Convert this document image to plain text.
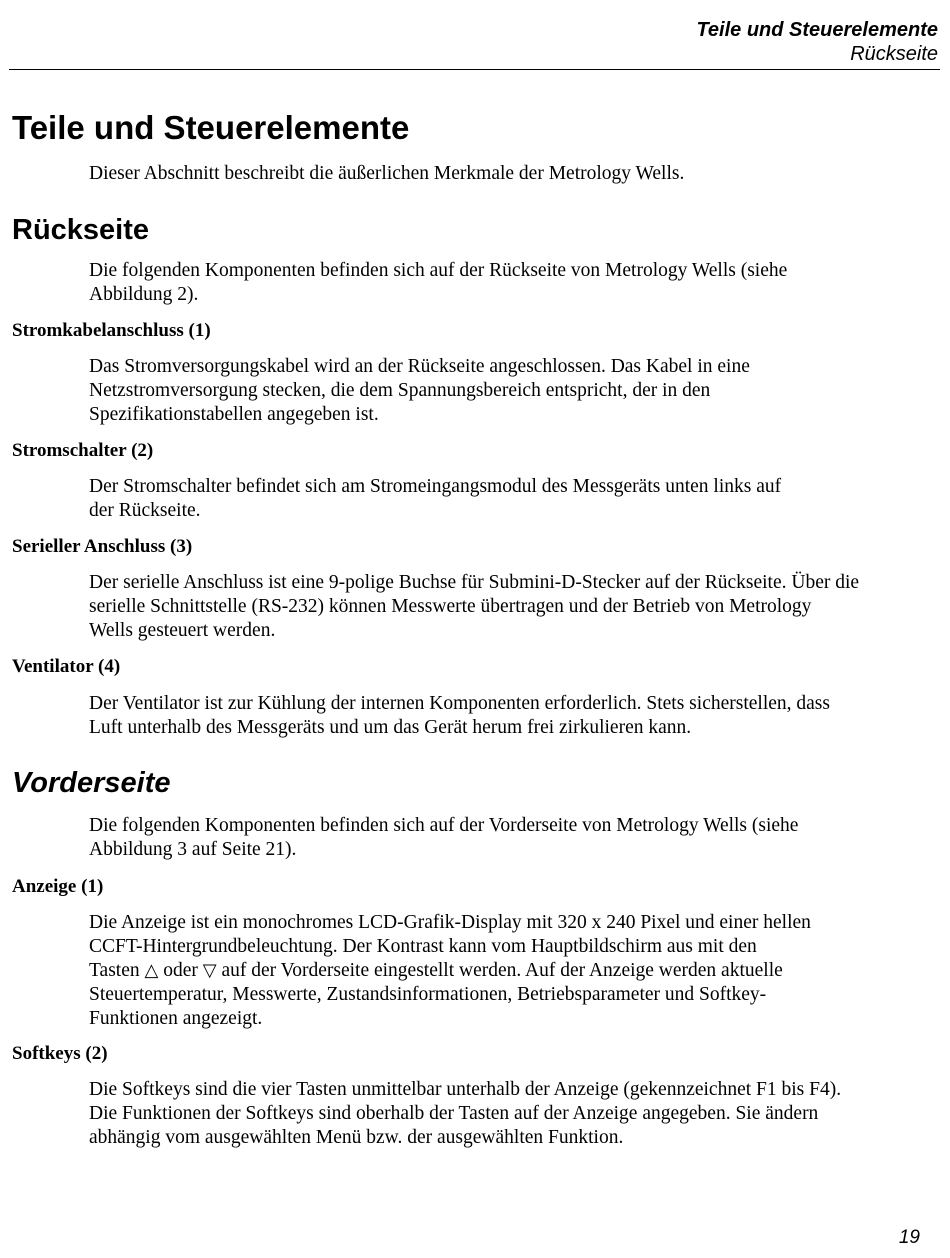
Teile und Steuerelemente
Rückseite
Teile und Steuerelemente

Dieser Abschnitt beschreibt die äußerlichen Merkmale der Metrology Wells.

Rückseite

Die folgenden Komponenten befinden sich auf der Rückseite von Metrology Wells (siehe
Abbildung 2).

Stromkabelanschluss (1)

Das Stromversorgungskabel wird an der Rückseite angeschlossen. Das Kabel in eine
Netzstromversorgung stecken, die dem Spannungsbereich entspricht, der in den
Spezifikationstabellen angegeben ist.

Stromschalter (2)

Der Stromschalter befindet sich am Stromeingangsmodul des Messgeräts unten links auf
der Rückseite.

Serieller Anschluss (3)

Der serielle Anschluss ist eine 9-polige Buchse für Submini-D-Stecker auf der Rückseite. Über die
serielle Schnittstelle (RS-232) können Messwerte übertragen und der Betrieb von Metrology
Wells gesteuert werden.

Ventilator (4)

Der Ventilator ist zur Kühlung der internen Komponenten erforderlich. Stets sicherstellen, dass
Luft unterhalb des Messgeräts und um das Gerät herum frei zirkulieren kann.

Vorderseite

Die folgenden Komponenten befinden sich auf der Vorderseite von Metrology Wells (siehe
Abbildung 3 auf Seite 21).

Anzeige (1)

Die Anzeige ist ein monochromes LCD-Grafik-Display mit 320 x 240 Pixel und einer hellen
CCFT-Hintergrundbeleuchtung. Der Kontrast kann vom Hauptbildschirm aus mit den
Tasten △ oder ▽ auf der Vorderseite eingestellt werden. Auf der Anzeige werden aktuelle
Steuertemperatur, Messwerte, Zustandsinformationen, Betriebsparameter und Softkey-
Funktionen angezeigt.

Softkeys (2)

Die Softkeys sind die vier Tasten unmittelbar unterhalb der Anzeige (gekennzeichnet F1 bis F4).
Die Funktionen der Softkeys sind oberhalb der Tasten auf der Anzeige angegeben. Sie ändern
abhängig vom ausgewählten Menü bzw. der ausgewählten Funktion.

19
